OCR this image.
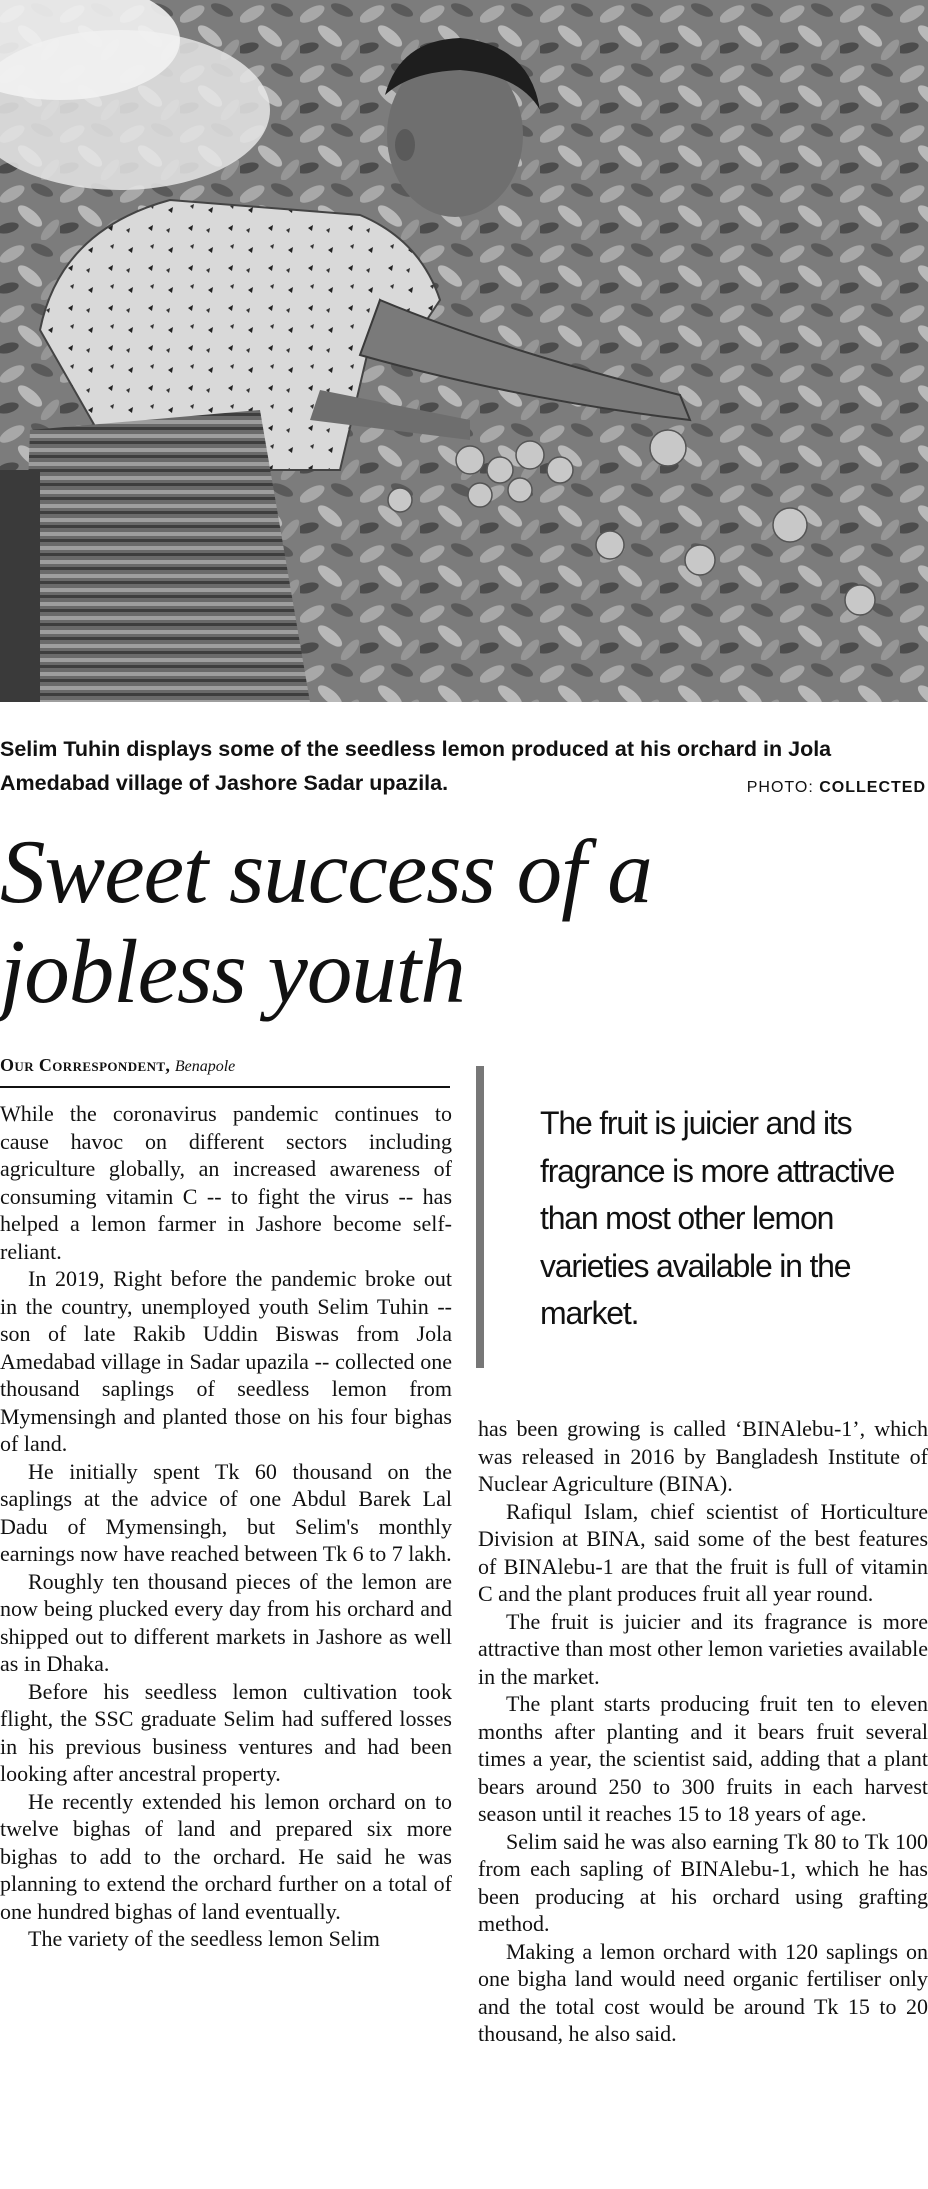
Selim Tuhin displays some of the seedless lemon produced at his orchard in Jola
Amedabad village of Jashore Sadar upazila.	PHOTO: COLLECTED
Sweet success of a
jobless youth
Our Correspondent, Benapole

While the coronavirus pandemic continues to cause havoc on different sectors including agriculture globally, an increased awareness of consuming vitamin C -- to fight the virus -- has helped a lemon farmer in Jashore become self-reliant.

In 2019, Right before the pandemic broke out in the country, unemployed youth Selim Tuhin -- son of late Rakib Uddin Biswas from Jola Amedabad village in Sadar upazila -- collected one thousand saplings of seedless lemon from Mymensingh and planted those on his four bighas of land.

He initially spent Tk 60 thousand on the saplings at the advice of one Abdul Barek Lal Dadu of Mymensingh, but Selim's monthly earnings now have reached between Tk 6 to 7 lakh.

Roughly ten thousand pieces of the lemon are now being plucked every day from his orchard and shipped out to different markets in Jashore as well as in Dhaka.

Before his seedless lemon cultivation took flight, the SSC graduate Selim had suffered losses in his previous business ventures and had been looking after ancestral property.

He recently extended his lemon orchard on to twelve bighas of land and prepared six more bighas to add to the orchard. He said he was planning to extend the orchard further on a total of one hundred bighas of land eventually.

The variety of the seedless lemon Selim

The fruit is juicier and its fragrance is more attractive than most other lemon varieties available in the market.

has been growing is called ‘BINAlebu-1’, which was released in 2016 by Bangladesh Institute of Nuclear Agriculture (BINA).

Rafiqul Islam, chief scientist of Horticulture Division at BINA, said some of the best features of BINAlebu-1 are that the fruit is full of vitamin C and the plant produces fruit all year round.

The fruit is juicier and its fragrance is more attractive than most other lemon varieties available in the market.

The plant starts producing fruit ten to eleven months after planting and it bears fruit several times a year, the scientist said, adding that a plant bears around 250 to 300 fruits in each harvest season until it reaches 15 to 18 years of age.

Selim said he was also earning Tk 80 to Tk 100 from each sapling of BINAlebu-1, which he has been producing at his orchard using grafting method.

Making a lemon orchard with 120 saplings on one bigha land would need organic fertiliser only and the total cost would be around Tk 15 to 20 thousand, he also said.
